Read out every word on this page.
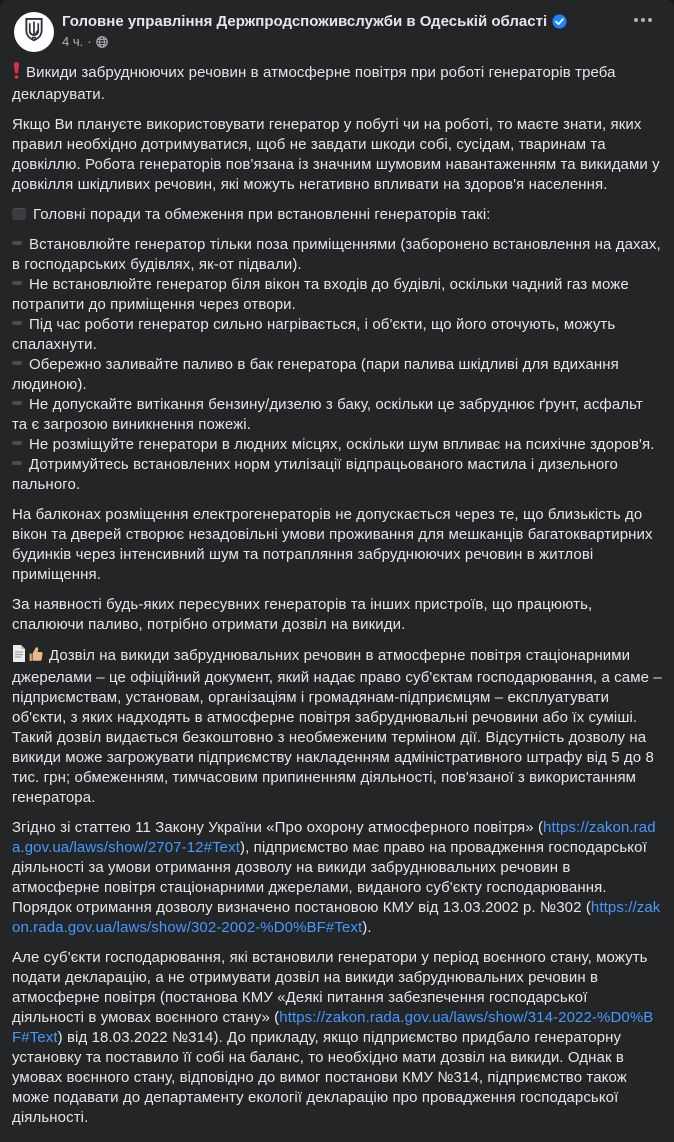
Головне управління Держпродспоживслужби в Одеській області
4 ч. ·
Викиди забруднюючих речовин в атмосферне повітря при роботі генераторів треба декларувати.
Якщо Ви плануєте використовувати генератор у побуті чи на роботі, то маєте знати, яких правил необхідно дотримуватися, щоб не завдати шкоди собі, сусідам, тваринам та довкіллю. Робота генераторів пов'язана із значним шумовим навантаженням та викидами у довкілля шкідливих речовин, які можуть негативно впливати на здоров'я населення.
Головні поради та обмеження при встановленні генераторів такі:
Встановлюйте генератор тільки поза приміщеннями (заборонено встановлення на дахах, в господарських будівлях, як-от підвали).
Не встановлюйте генератор біля вікон та входів до будівлі, оскільки чадний газ може потрапити до приміщення через отвори.
Під час роботи генератор сильно нагрівається, і об'єкти, що його оточують, можуть спалахнути.
Обережно заливайте паливо в бак генератора (пари палива шкідливі для вдихання людиною).
Не допускайте витікання бензину/дизелю з баку, оскільки це забруднює ґрунт, асфальт та є загрозою виникнення пожежі.
Не розміщуйте генератори в людних місцях, оскільки шум впливає на психічне здоров'я.
Дотримуйтесь встановлених норм утилізації відпрацьованого мастила і дизельного пального.
На балконах розміщення електрогенераторів не допускається через те, що близькість до вікон та дверей створює незадовільні умови проживання для мешканців багатоквартирних будинків через інтенсивний шум та потрапляння забруднюючих речовин в житлові приміщення.
За наявності будь-яких пересувних генераторів та інших пристроїв, що працюють, спалюючи паливо, потрібно отримати дозвіл на викиди.
Дозвіл на викиди забруднювальних речовин в атмосферне повітря стаціонарними джерелами – це офіційний документ, який надає право суб'єктам господарювання, а саме – підприємствам, установам, організаціям і громадянам-підприємцям – експлуатувати об'єкти, з яких надходять в атмосферне повітря забруднювальні речовини або їх суміші. Такий дозвіл видається безкоштовно з необмеженим терміном дії. Відсутність дозволу на викиди може загрожувати підприємству накладенням адміністративного штрафу від 5 до 8 тис. грн; обмеженням, тимчасовим припиненням діяльності, пов'язаної з використанням генератора.
Згідно зі статтею 11 Закону України «Про охорону атмосферного повітря» (https://zakon.rada.gov.ua/laws/show/2707-12#Text), підприємство має право на провадження господарської діяльності за умови отримання дозволу на викиди забруднювальних речовин в атмосферне повітря стаціонарними джерелами, виданого суб'єкту господарювання. Порядок отримання дозволу визначено постановою КМУ від 13.03.2002 р. №302 (https://zakon.rada.gov.ua/laws/show/302-2002-%D0%BF#Text).
Але суб'єкти господарювання, які встановили генератори у період воєнного стану, можуть подати декларацію, а не отримувати дозвіл на викиди забруднювальних речовин в атмосферне повітря (постанова КМУ «Деякі питання забезпечення господарської діяльності в умовах воєнного стану» (https://zakon.rada.gov.ua/laws/show/314-2022-%D0%BF#Text) від 18.03.2022 №314). До прикладу, якщо підприємство придбало генераторну установку та поставило її собі на баланс, то необхідно мати дозвіл на викиди. Однак в умовах воєнного стану, відповідно до вимог постанови КМУ №314, підприємство також може подавати до департаменту екології декларацію про провадження господарської діяльності.
